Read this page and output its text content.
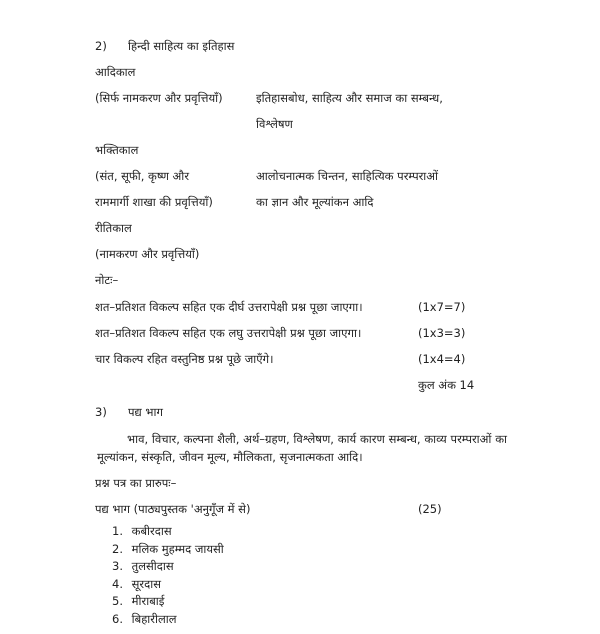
2) हिन्दी साहित्य का इतिहास
आदिकाल
(सिर्फ नामकरण और प्रवृत्तियाँ)	इतिहासबोध, साहित्य और समाज का सम्बन्ध,
विश्लेषण
भक्तिकाल
(संत, सूफी, कृष्ण और	आलोचनात्मक चिन्तन, साहित्यिक परम्पराओं
राममार्गी शाखा की प्रवृत्तियाँ)	का ज्ञान और मूल्यांकन आदि
रीतिकाल
(नामकरण और प्रवृत्तियाँ)
नोटः–
शत–प्रतिशत विकल्प सहित एक दीर्घ उत्तरापेक्षी प्रश्न पूछा जाएगा।	(1x7=7)
शत–प्रतिशत विकल्प सहित एक लघु उत्तरापेक्षी प्रश्न पूछा जाएगा।	(1x3=3)
चार विकल्प रहित वस्तुनिष्ठ प्रश्न पूछे जाएँगे।	(1x4=4)
कुल अंक 14
3) पद्य भाग
भाव, विचार, कल्पना शैली, अर्थ–ग्रहण, विश्लेषण, कार्य कारण सम्बन्ध, काव्य परम्पराओं का मूल्यांकन, संस्कृति, जीवन मूल्य, मौलिकता, सृजनात्मकता आदि।
प्रश्न पत्र का प्रारुपः–
पद्य भाग (पाठ्यपुस्तक 'अनुगूँज में से)	(25)
1. कबीरदास
2. मलिक मुहम्मद जायसी
3. तुलसीदास
4. सूरदास
5. मीराबाई
6. बिहारीलाल
